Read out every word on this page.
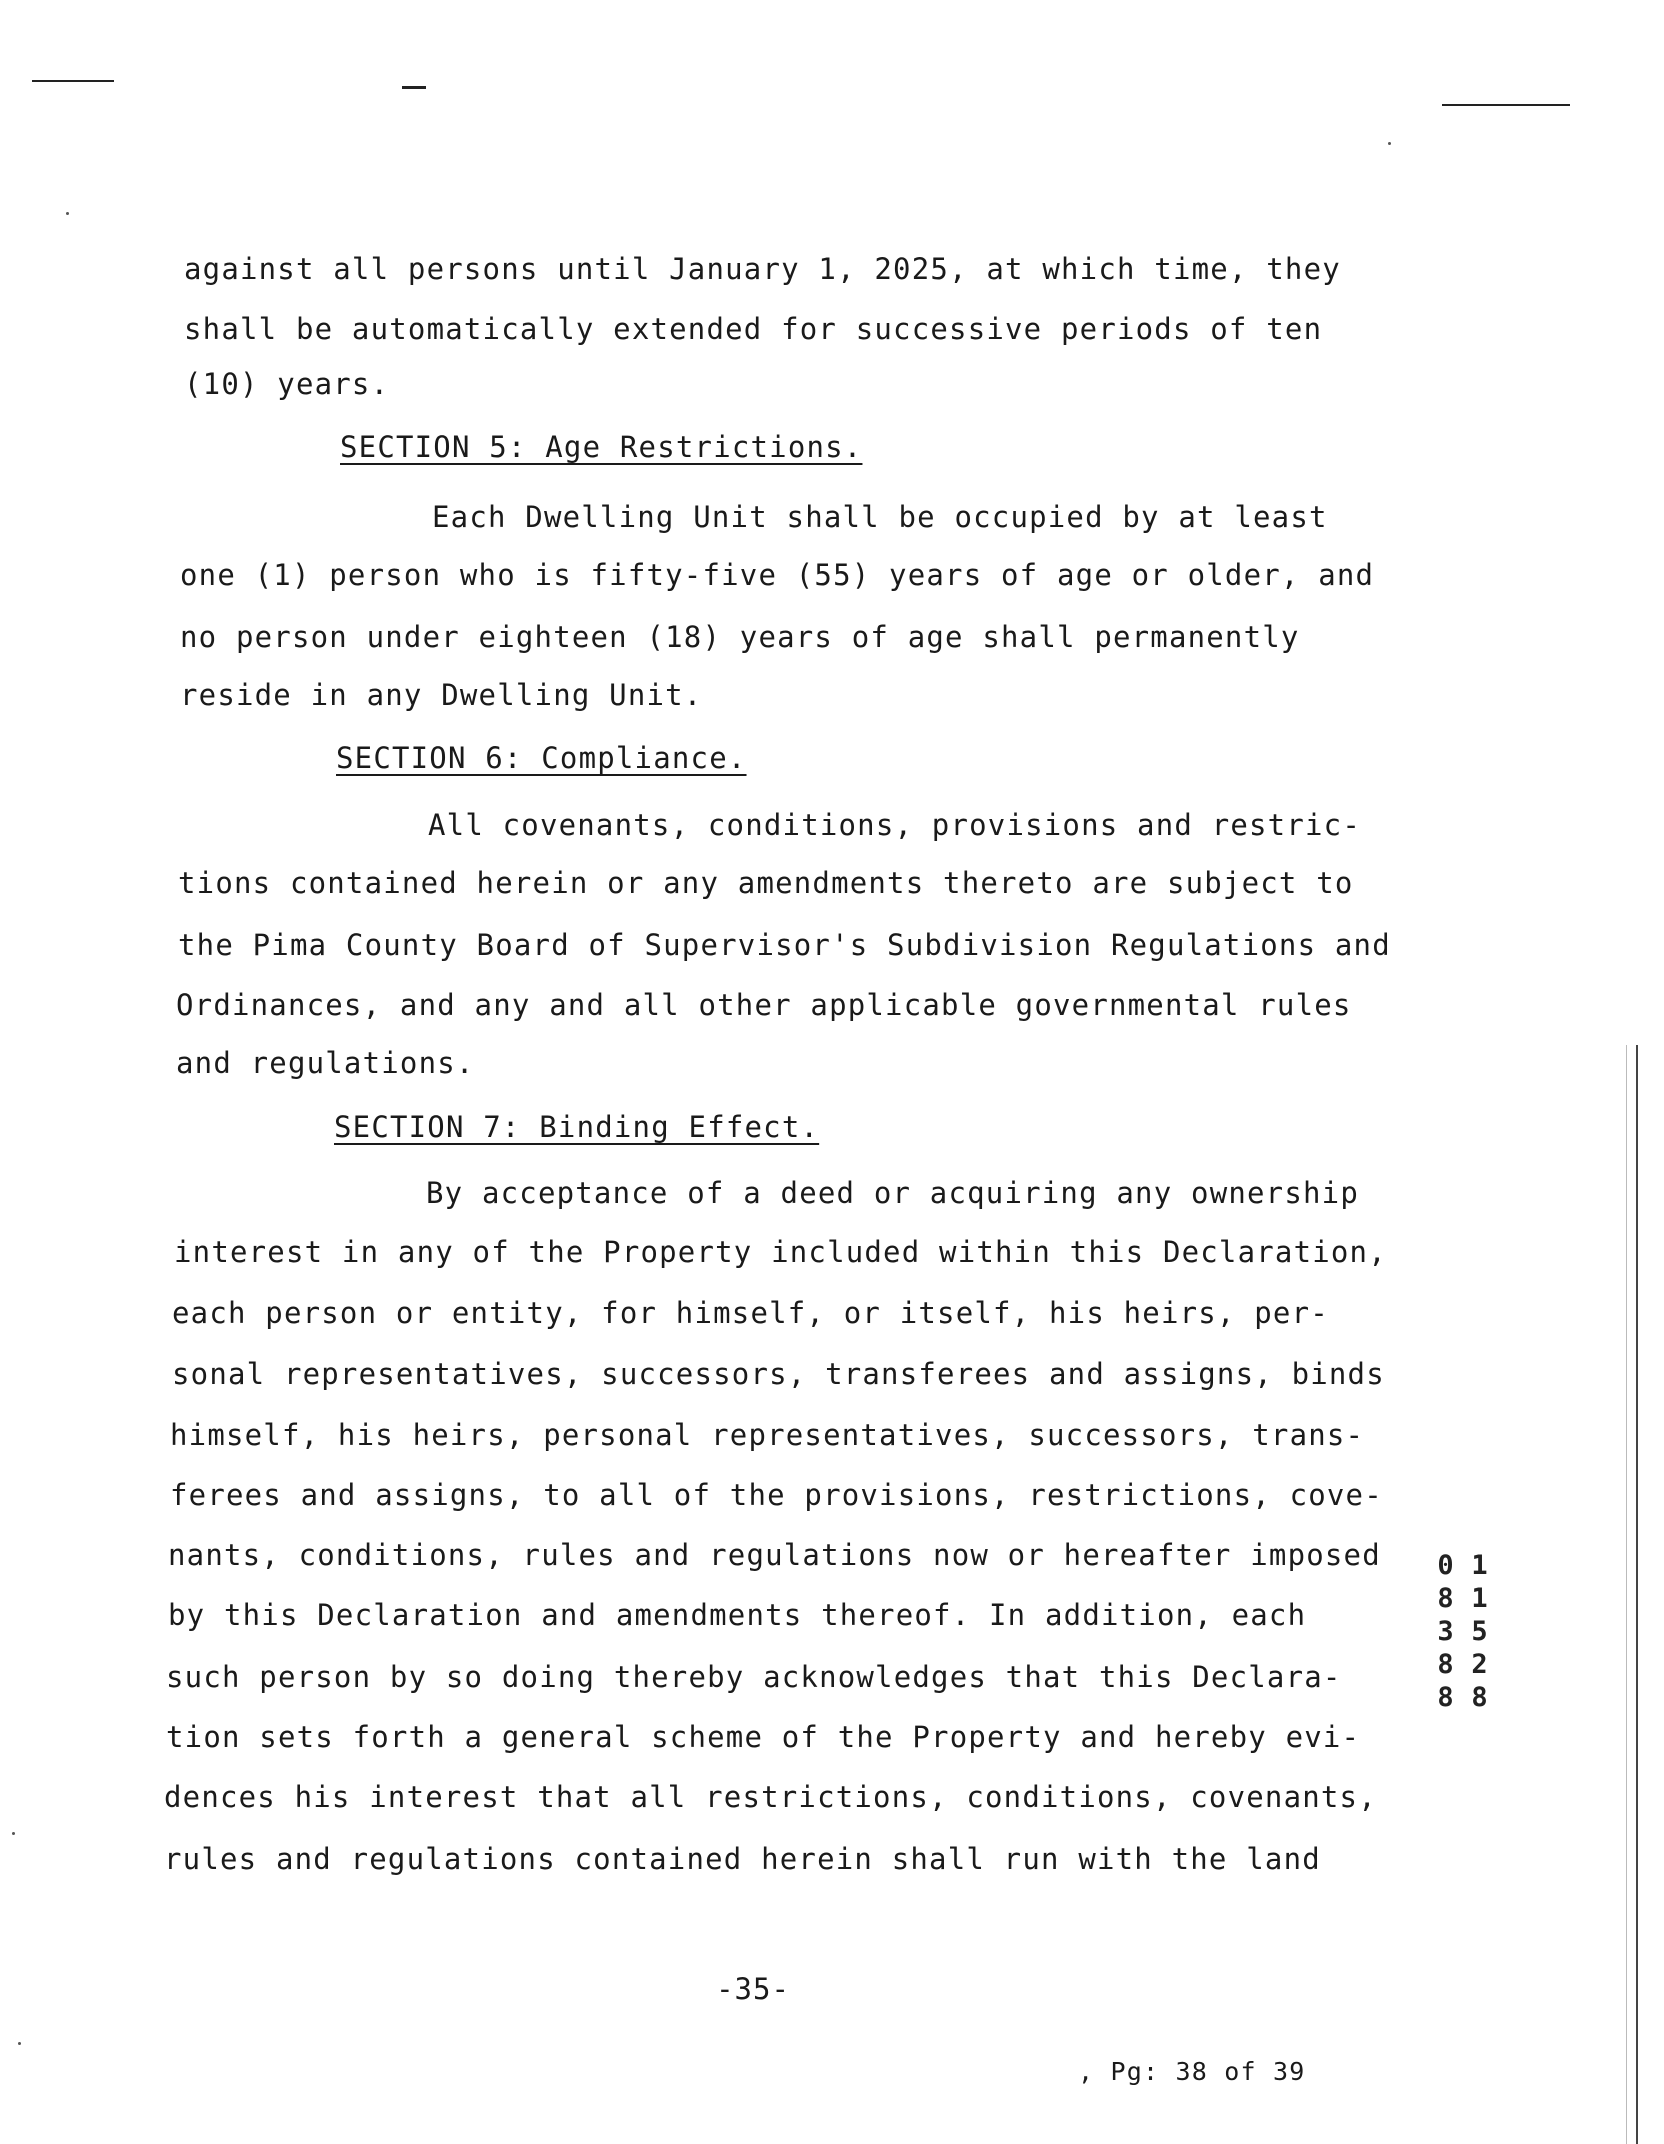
against all persons until January 1, 2025, at which time, they
shall be automatically extended for successive periods of ten
(10) years.
SECTION 5: Age Restrictions.
Each Dwelling Unit shall be occupied by at least
one (1) person who is fifty-five (55) years of age or older, and
no person under eighteen (18) years of age shall permanently
reside in any Dwelling Unit.
SECTION 6: Compliance.
All covenants, conditions, provisions and restric-
tions contained herein or any amendments thereto are subject to
the Pima County Board of Supervisor's Subdivision Regulations and
Ordinances, and any and all other applicable governmental rules
and regulations.
SECTION 7: Binding Effect.
By acceptance of a deed or acquiring any ownership
interest in any of the Property included within this Declaration,
each person or entity, for himself, or itself, his heirs, per-
sonal representatives, successors, transferees and assigns, binds
himself, his heirs, personal representatives, successors, trans-
ferees and assigns, to all of the provisions, restrictions, cove-
nants, conditions, rules and regulations now or hereafter imposed
by this Declaration and amendments thereof. In addition, each
such person by so doing thereby acknowledges that this Declara-
tion sets forth a general scheme of the Property and hereby evi-
dences his interest that all restrictions, conditions, covenants,
rules and regulations contained herein shall run with the land
-35-
11528 08388
, Pg: 38 of 39
